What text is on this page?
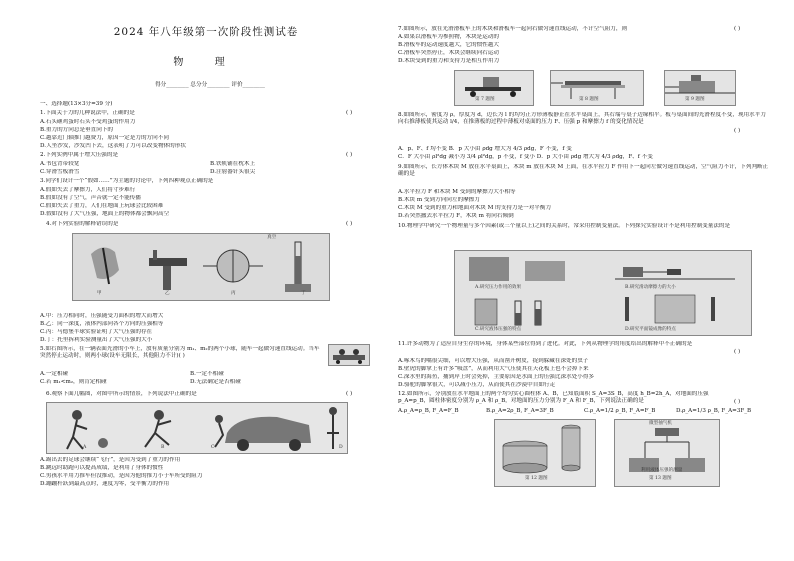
2024 年八年级第一次阶段性测试卷
物 理
得分________ 总分分________ 评价________
一、选择题(13×3分=39 分)
1.下面关于力的几种说法中，正确的是	( )
A.石头砸鸡蛋时石头不受鸡蛋的作用力
B.重力的方向总是垂直向下的
C.越靠近门轴推门越费力，原因一定是力的方向不同
D.人坐沙发，沙发凹下去，这表明了力可以改变物体的形状
2.下列实例中属于增大压强的是	( )
A.书包背带较宽	B.铁轨铺在枕木上
C.穿滑雪板滑雪	D.注射器针头很尖
3.同学们设计一个“假如……”为主题的讨论中，下列四种观点正确的是
A.假如失去了摩擦力，人们将寸步难行
B.假如没有了空气，声音就一定不能传播
C.假如失去了重力，人们在地面上玩球会比较困难
D.假如没有了大气压强，地面上的物体都会飘向高空
4.对下列实验的解释错误的是	( )
真空
甲	乙	丙	丁
A.甲：压力相同时，压强随受力面积的增大而增大
B.乙：同一深度，液体内部向各个方向的压强相等
C.丙：马德堡半球实验证明了大气压强的存在
D.丁：托里拆利实验测量出了大气压强的大小
5.如右图所示，在一辆表面光滑的小车上，放有质量分别为 m₁、m₂的两个小球，随车一起做匀速直线运动。当车突然停止运动时，则两小球(设车无限长，其他阻力不计)( )
A.一定相碰	B.一定不相碰
C.若 m₁<m₂，则肯定相碰	D.无法确定是否相碰
6.观察下面几幅图，对图中所示的情景，下列说法中正确的是	( )
A	B	C	D
A.踢出去的足球会继续“飞行”，是因为受到了重力的作用
B.跳远时助跑可以提高成绩，是利用了身体的惯性
C.男孩水平用力推车但没推动，是因为他的推力小于车所受的阻力
D.蹦蹦杆跃到最高点时，速度为零，受平衡力的作用
7.如图所示，放在光滑滑板车上的木块和滑板车一起向右做匀速直线运动，不计空气阻力，则	( )
A.如果以滑板车为参照物，木块是运动的
B.滑板车的运动速度越大，它的惯性越大
C.滑板车突然停止，木块会继续向右运动
D.木块受到的重力和支持力是相互作用力
第 7 题图	第 8 题图	第 9 题图
8.如图所示，密度为 ρ，厚度为 d，边长为 l 的均匀正方形薄板静止在水平桌面上，其右端与桌子边缘相平。板与桌面间的光滑程度不变，现用水平力向右推薄板使其运动 l/4，在推薄板的过程中薄板对桌面的压力 F、压强 p 和摩擦力 f 的变化情况是
( )
A．p、F、f 均不变 B．p 大小由 ρdg 增大为 4/3 ρdg，F 不变，f 变
C．F 大小由 ρl²dg 减小为 3/4 ρl²dg，p 不变，f 变小 D．p 大小由 ρdg 增大为 4/3 ρdg，F、f 不变
9.如图所示，长方体木块 M 放在水平桌面上，木块 m 放在木块 M 上面，在水平拉力 F 作用下一起向左做匀速直线运动，空气阻力不计，下列判断正确的是
A.水平拉力 F 和木块 M 受到的摩擦力大小相等
B.木块 m 受到方向向左的摩擦力
C.木块 M 受到的重力和地面对木块 M 的支持力是一对平衡力
D.若突然撤去水平拉力 F，木块 m 将向右倾倒
10.物理学中研究一个物理量与多个因素(或三个量以上)之间的关系时，常采用控制变量法。下列探究实验设计不是利用控制变量法的是
A.研究压力作用的效果	B.研究滑动摩擦力的大小
C.研究液体压强的特点	D.研究平面镜成像的特点
11.许多动物为了适应自身生存的环境，身体某些部位得到了进化。对此，下列从物理学的角度给出的解释中不正确的是
( )
A.啄木鸟的嘴很尖细，可以增大压强，从而凿开树皮，捉到躲藏在深处的虫子
B.壁虎的脚掌上有许多“吸盘”，从而利用大气压使其在天花板上也不会掉下来
C.深水里的海鱼，捕到岸上时会死掉，主要原因是水面上的压强比深水处小得多
D.骆驼的脚掌很大，可以减小压力，从而使其在沙漠中自如行走
12.如图所示，分别放在水平地面上的两个均匀实心圆柱体 A、B，已知底面积 S_A=3S_B，高度 h_B=2h_A，对地面的压强 p_A=p_B，圆柱体密度分别为 ρ_A 和 ρ_B，对地面的压力分别为 F_A 和 F_B，下列说法正确的是	( )
A.ρ_A=ρ_B, F_A=F_B	B.ρ_A=2ρ_B, F_A=3F_B	C.ρ_A=1/2 ρ_B, F_A=F_B	D.ρ_A=1/3 ρ_B, F_A=3F_B
第 12 题图
微型抽气机
利用液体压强的测量
第 13 题图
